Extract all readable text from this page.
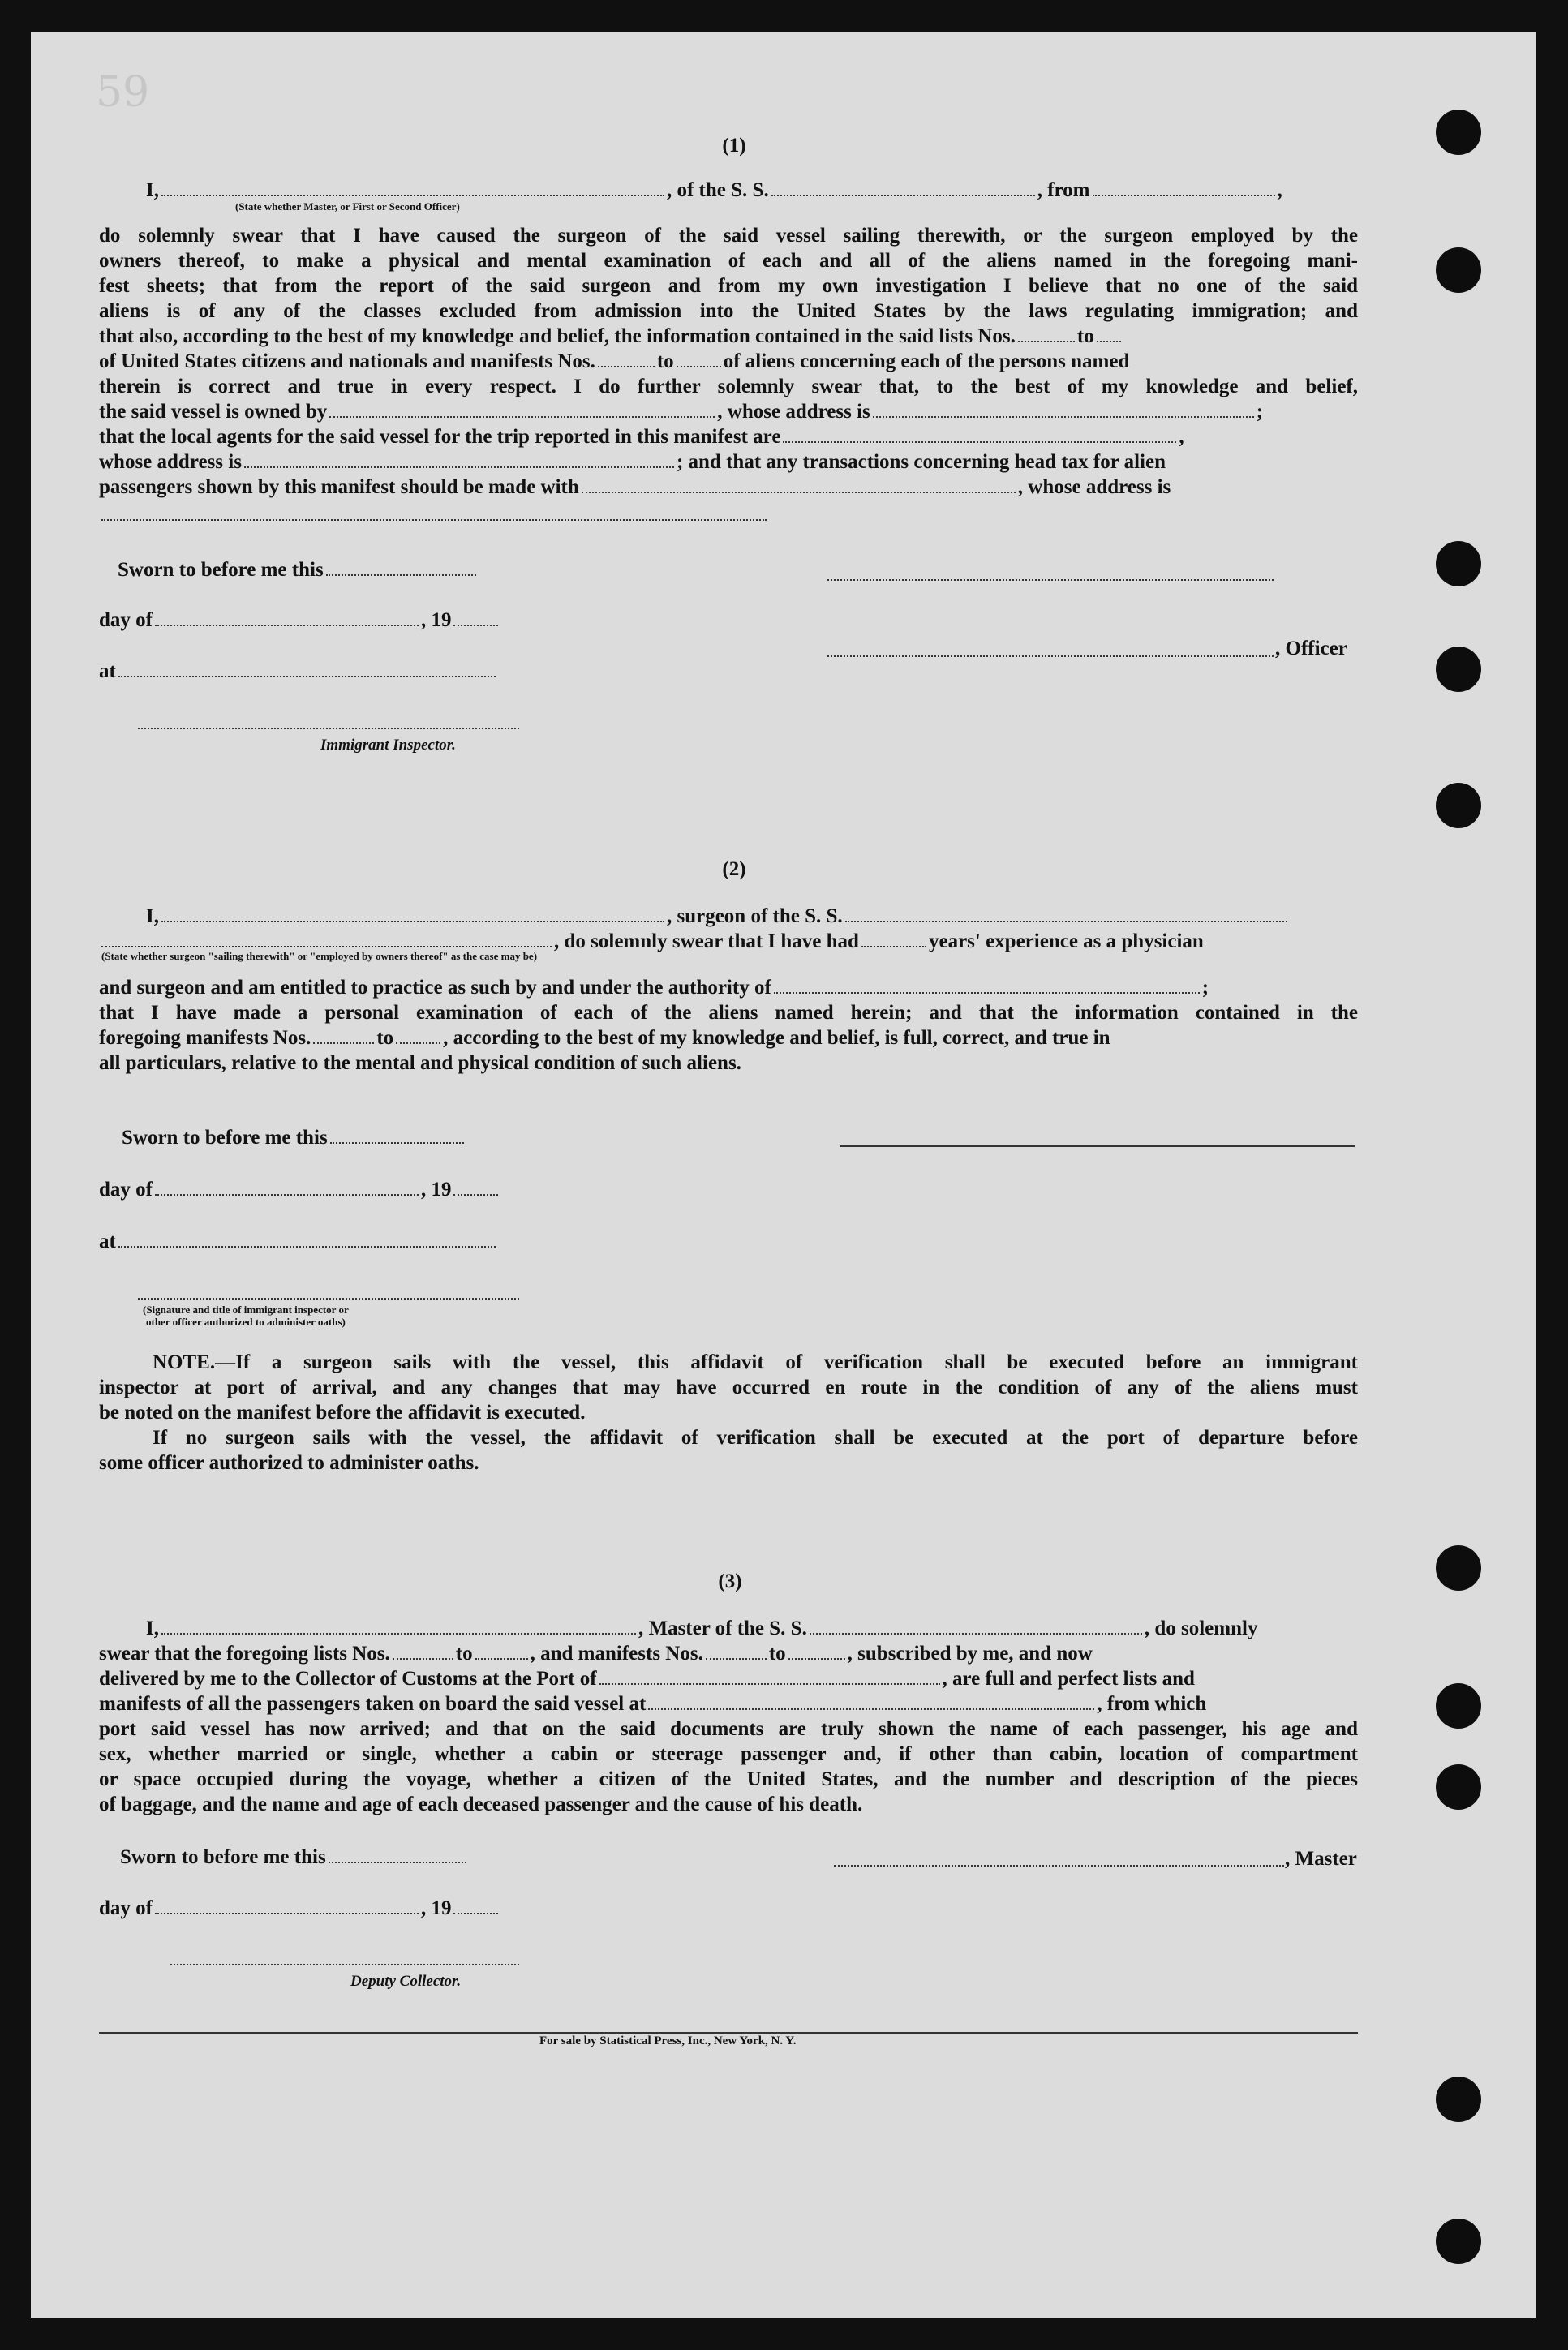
59
(1)
I,	, of the S. S.	, from	,
(State whether Master, or First or Second Officer)
do solemnly swear that I have caused the surgeon of the said vessel sailing therewith, or the surgeon employed by the
owners thereof, to make a physical and mental examination of each and all of the aliens named in the foregoing mani-
fest sheets; that from the report of the said surgeon and from my own investigation I believe that no one of the said
aliens is of any of the classes excluded from admission into the United States by the laws regulating immigration; and
that also, according to the best of my knowledge and belief, the information contained in the said lists Nos.	to
of United States citizens and nationals and manifests Nos.	to of aliens concerning each of the persons named
therein is correct and true in every respect. I do further solemnly swear that, to the best of my knowledge and belief,
the said vessel is owned by	, whose address is	;
that the local agents for the said vessel for the trip reported in this manifest are	,
whose address is	; and that any transactions concerning head tax for alien
passengers shown by this manifest should be made with	, whose address is
Sworn to before me this
day of	, 19
at
Immigrant Inspector.
, Officer
(2)
I,	, surgeon of the S. S.
, do solemnly swear that I have had	years' experience as a physician
(State whether surgeon "sailing therewith" or "employed by owners thereof" as the case may be)
and surgeon and am entitled to practice as such by and under the authority of	;
that I have made a personal examination of each of the aliens named herein; and that the information contained in the
foregoing manifests Nos.	to , according to the best of my knowledge and belief, is full, correct, and true in
all particulars, relative to the mental and physical condition of such aliens.
Sworn to before me this
day of	, 19
at
(Signature and title of immigrant inspector or
other officer authorized to administer oaths)
NOTE.—If a surgeon sails with the vessel, this affidavit of verification shall be executed before an immigrant
inspector at port of arrival, and any changes that may have occurred en route in the condition of any of the aliens must
be noted on the manifest before the affidavit is executed.
If no surgeon sails with the vessel, the affidavit of verification shall be executed at the port of departure before
some officer authorized to administer oaths.
(3)
I,	, Master of the S. S.	, do solemnly
swear that the foregoing lists Nos.	to	, and manifests Nos.	to	, subscribed by me, and now
delivered by me to the Collector of Customs at the Port of	, are full and perfect lists and
manifests of all the passengers taken on board the said vessel at	, from which
port said vessel has now arrived; and that on the said documents are truly shown the name of each passenger, his age and
sex, whether married or single, whether a cabin or steerage passenger and, if other than cabin, location of compartment
or space occupied during the voyage, whether a citizen of the United States, and the number and description of the pieces
of baggage, and the name and age of each deceased passenger and the cause of his death.
Sworn to before me this	, Master
day of	, 19
Deputy Collector.
For sale by Statistical Press, Inc., New York, N. Y.
